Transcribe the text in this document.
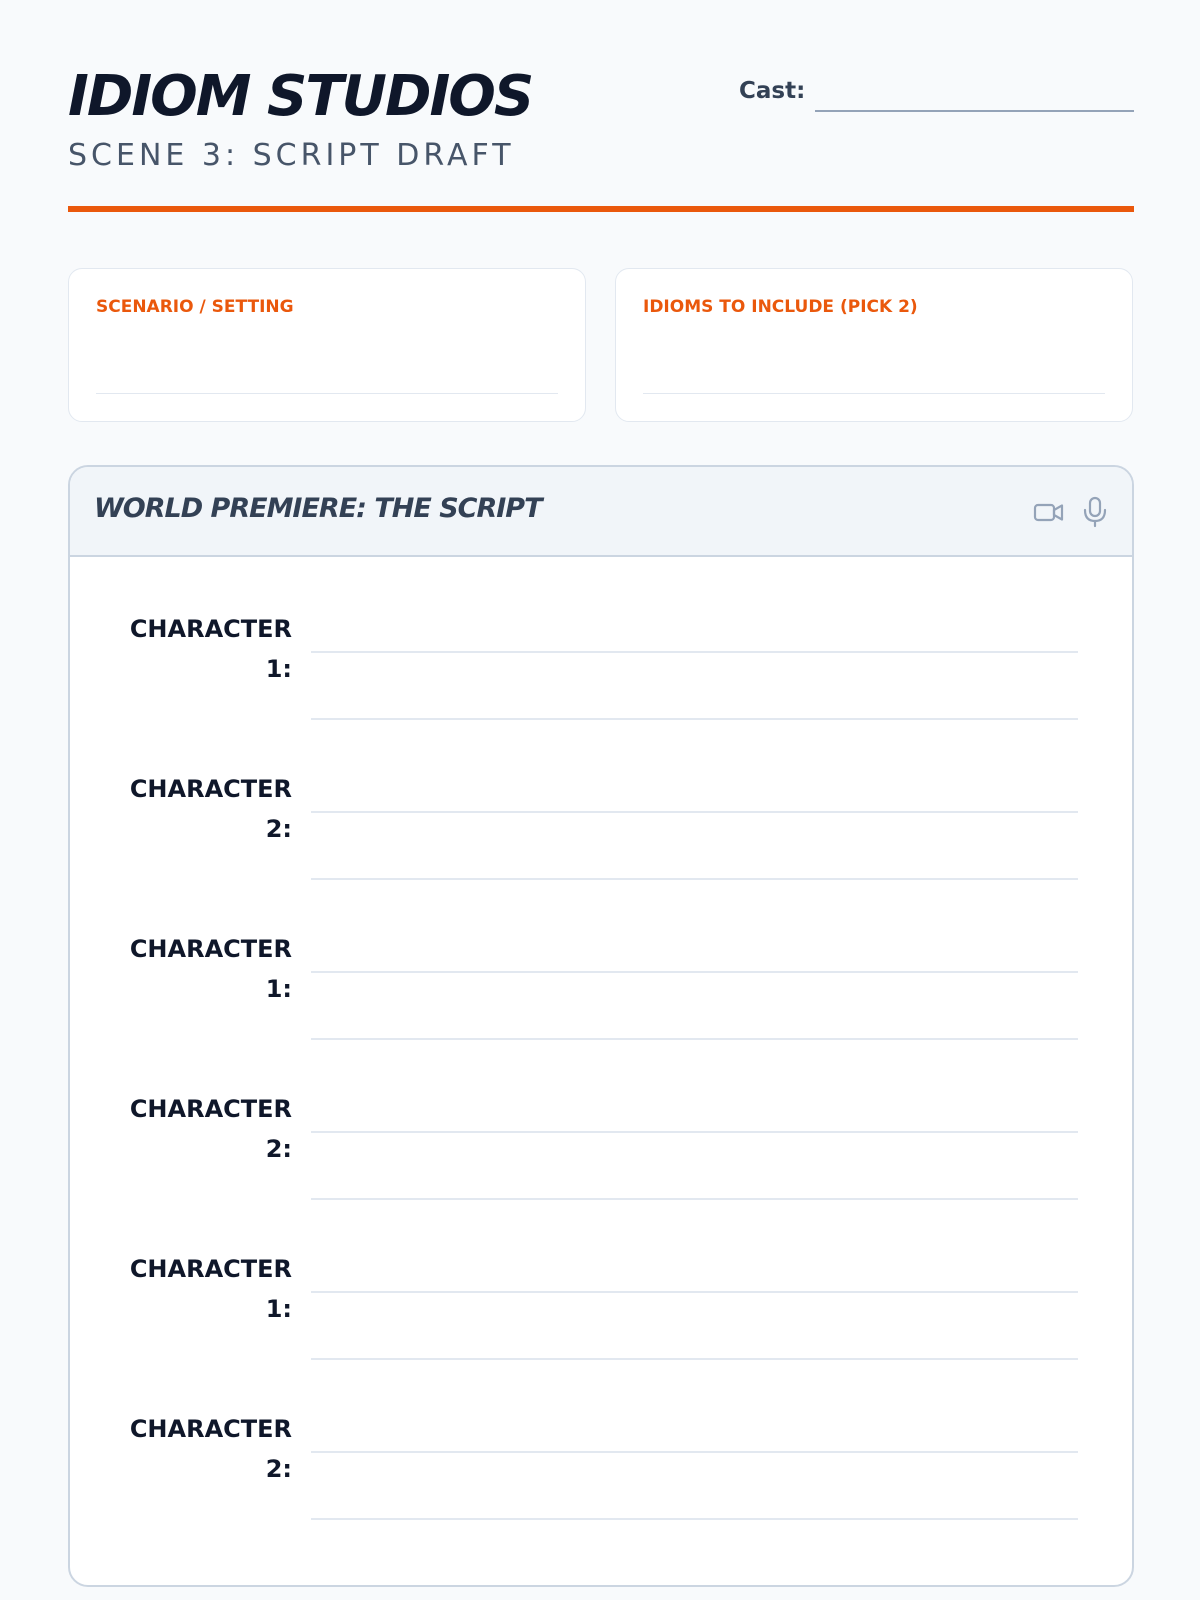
IDIOM STUDIOS
SCENE 3: SCRIPT DRAFT
Cast:
SCENARIO / SETTING	IDIOMS TO INCLUDE (PICK 2)
WORLD PREMIERE: THE SCRIPT
CHARACTER 1:
CHARACTER 2:
CHARACTER 1:
CHARACTER 2:
CHARACTER 1:
CHARACTER 2:
